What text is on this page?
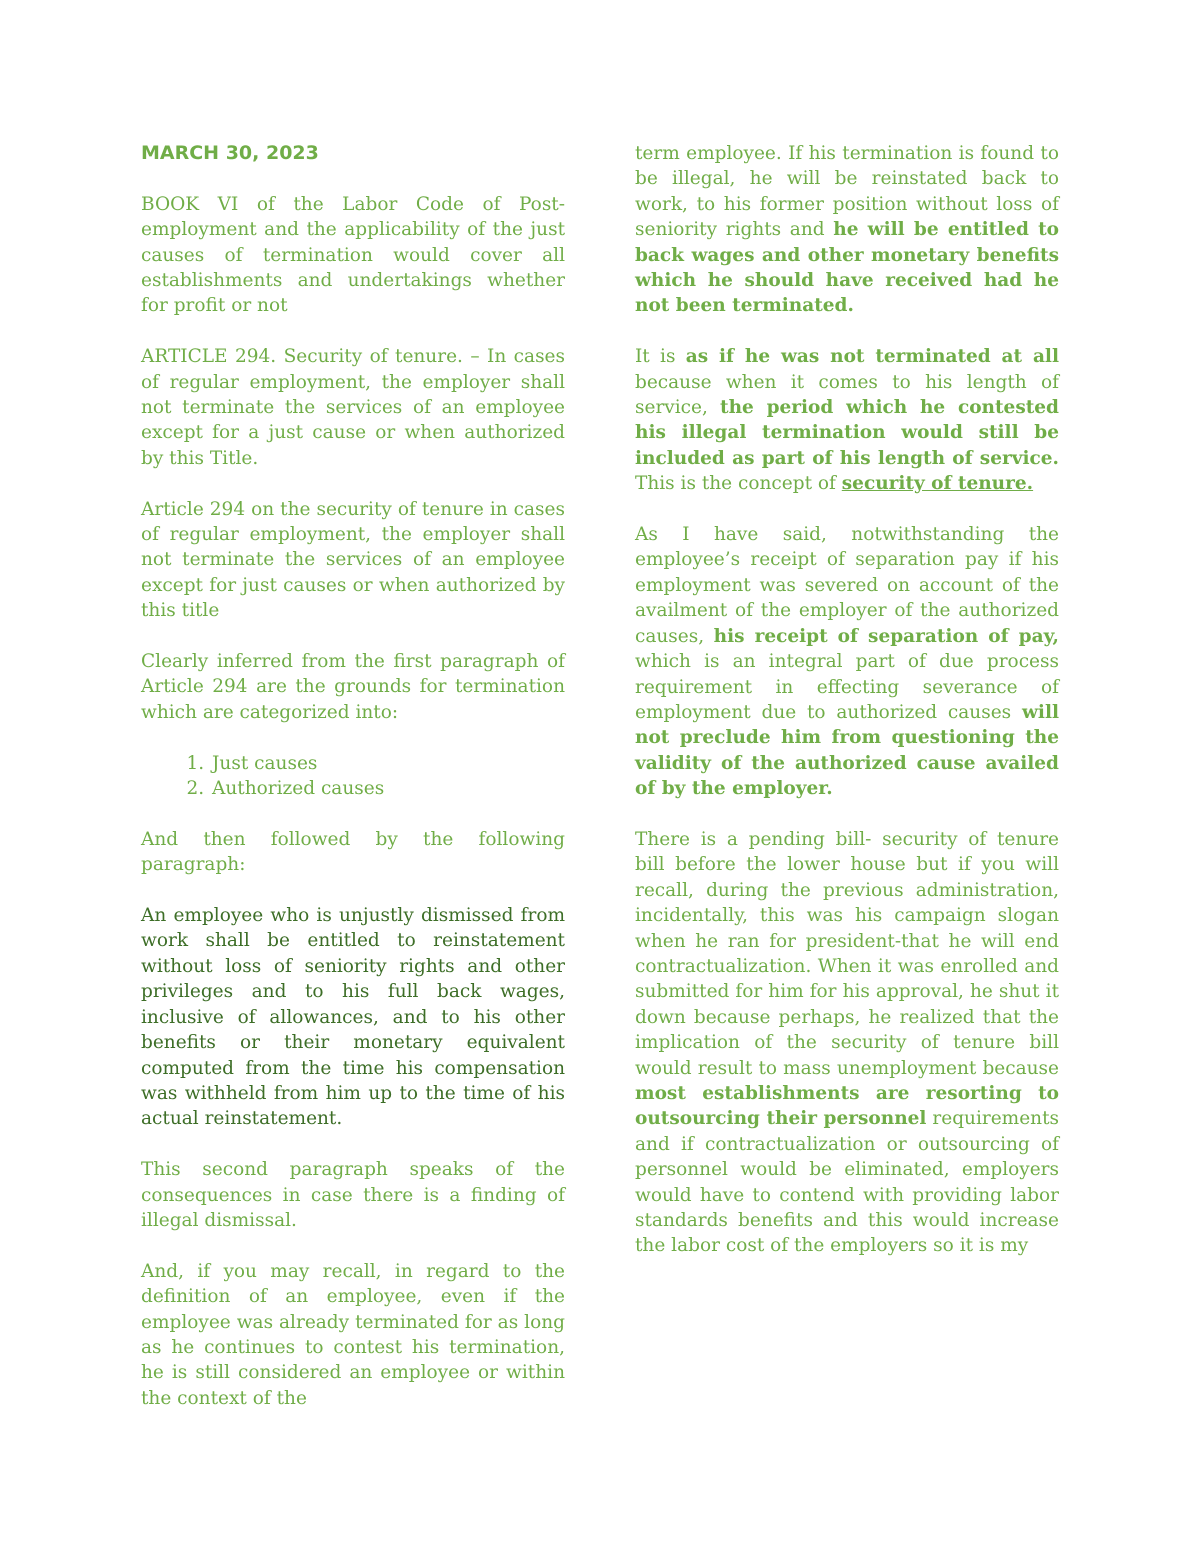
MARCH 30, 2023

BOOK VI of the Labor Code of Post-employment and the applicability of the just causes of termination would cover all establishments and undertakings whether for profit or not

ARTICLE 294. Security of tenure. – In cases of regular employment, the employer shall not terminate the services of an employee except for a just cause or when authorized by this Title.

Article 294 on the security of tenure in cases of regular employment, the employer shall not terminate the services of an employee except for just causes or when authorized by this title

Clearly inferred from the first paragraph of Article 294 are the grounds for termination which are categorized into:

1. Just causes
2. Authorized causes

And then followed by the following paragraph:

An employee who is unjustly dismissed from work shall be entitled to reinstatement without loss of seniority rights and other privileges and to his full back wages, inclusive of allowances, and to his other benefits or their monetary equivalent computed from the time his compensation was withheld from him up to the time of his actual reinstatement.

This second paragraph speaks of the consequences in case there is a finding of illegal dismissal.

And, if you may recall, in regard to the definition of an employee, even if the employee was already terminated for as long as he continues to contest his termination, he is still considered an employee or within the context of the

term employee. If his termination is found to be illegal, he will be reinstated back to work, to his former position without loss of seniority rights and he will be entitled to back wages and other monetary benefits which he should have received had he not been terminated.

It is as if he was not terminated at all because when it comes to his length of service, the period which he contested his illegal termination would still be included as part of his length of service. This is the concept of security of tenure.

As I have said, notwithstanding the employee’s receipt of separation pay if his employment was severed on account of the availment of the employer of the authorized causes, his receipt of separation of pay, which is an integral part of due process requirement in effecting severance of employment due to authorized causes will not preclude him from questioning the validity of the authorized cause availed of by the employer.

There is a pending bill- security of tenure bill before the lower house but if you will recall, during the previous administration, incidentally, this was his campaign slogan when he ran for president-that he will end contractualization. When it was enrolled and submitted for him for his approval, he shut it down because perhaps, he realized that the implication of the security of tenure bill would result to mass unemployment because most establishments are resorting to outsourcing their personnel requirements and if contractualization or outsourcing of personnel would be eliminated, employers would have to contend with providing labor standards benefits and this would increase the labor cost of the employers so it is my
